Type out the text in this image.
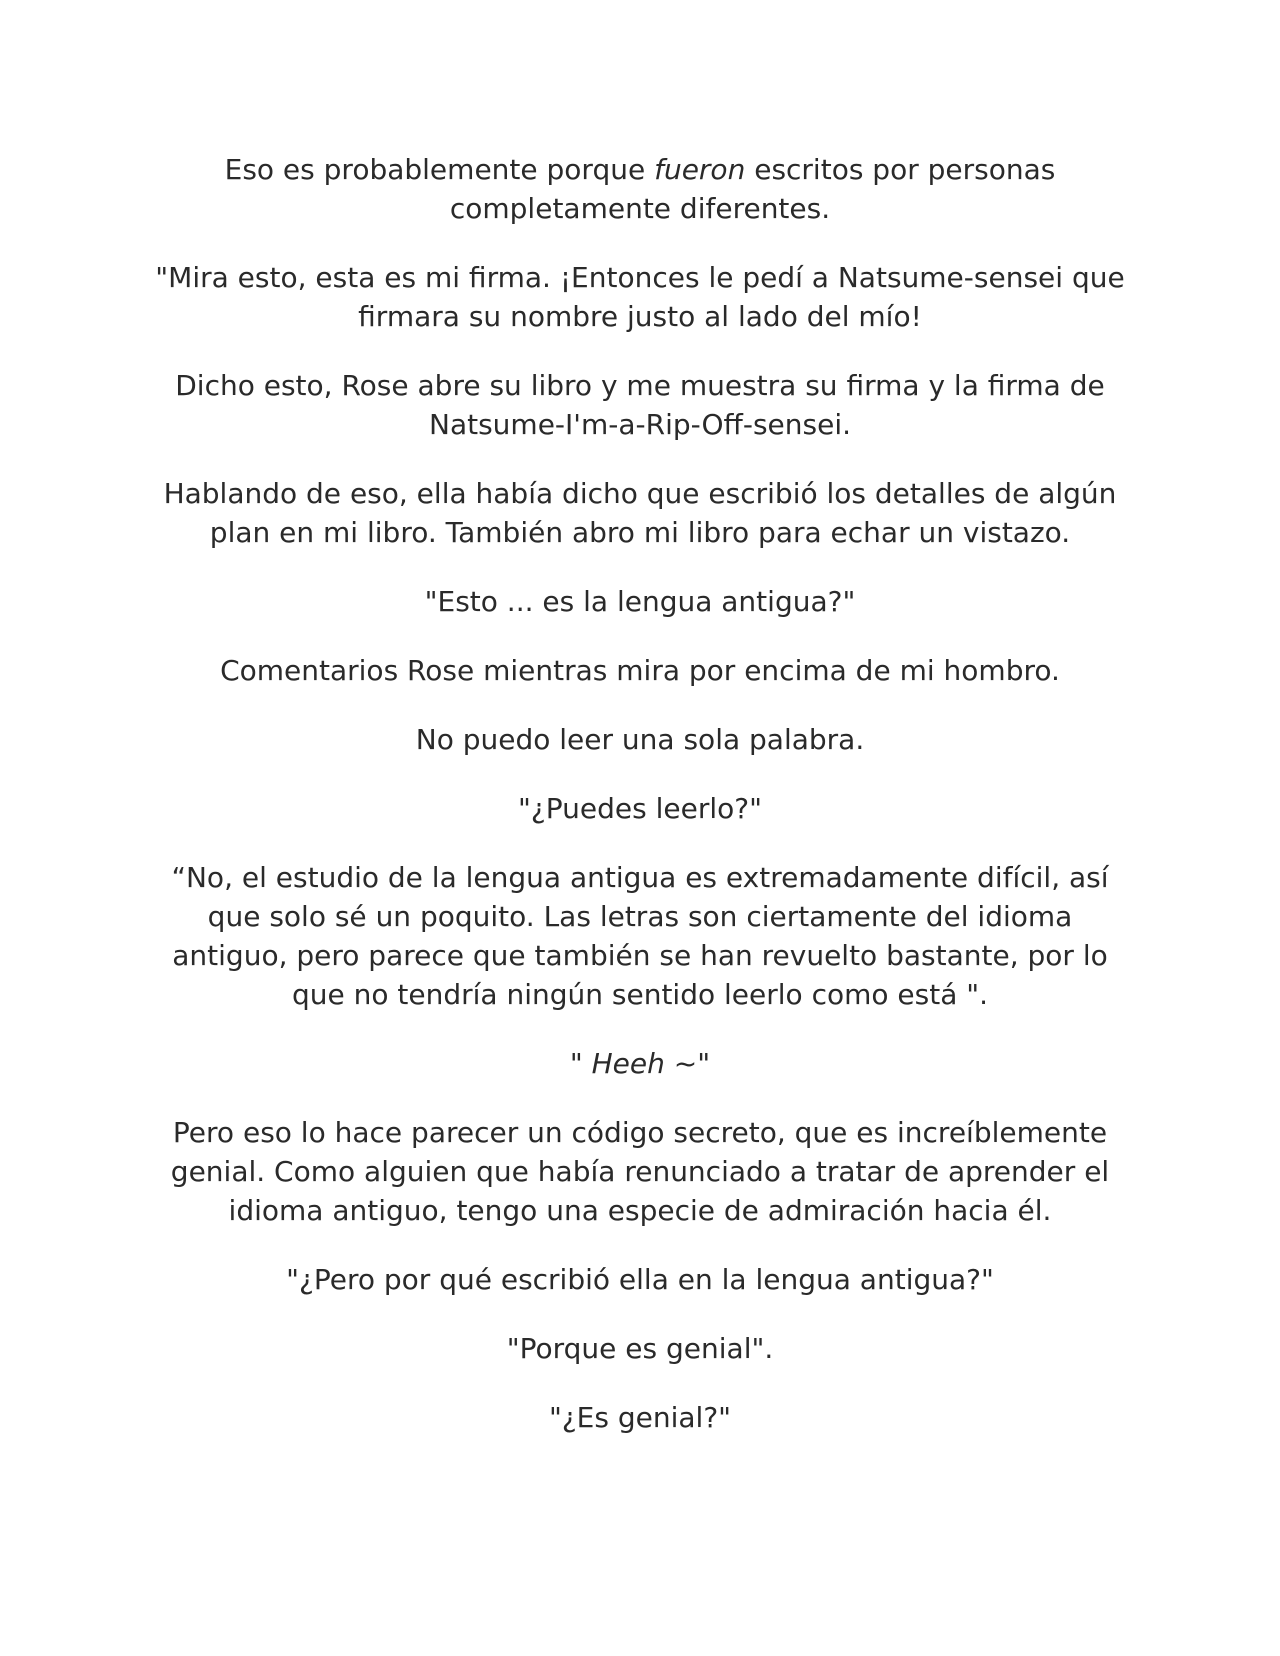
Eso es probablemente porque fueron escritos por personas completamente diferentes.

"Mira esto, esta es mi firma. ¡Entonces le pedí a Natsume-sensei que firmara su nombre justo al lado del mío!

Dicho esto, Rose abre su libro y me muestra su firma y la firma de Natsume-I'm-a-Rip-Off-sensei.

Hablando de eso, ella había dicho que escribió los detalles de algún plan en mi libro. También abro mi libro para echar un vistazo.

"Esto ... es la lengua antigua?"

Comentarios Rose mientras mira por encima de mi hombro.

No puedo leer una sola palabra.

"¿Puedes leerlo?"

“No, el estudio de la lengua antigua es extremadamente difícil, así que solo sé un poquito. Las letras son ciertamente del idioma antiguo, pero parece que también se han revuelto bastante, por lo que no tendría ningún sentido leerlo como está ".

" Heeh ~"

Pero eso lo hace parecer un código secreto, que es increíblemente genial. Como alguien que había renunciado a tratar de aprender el idioma antiguo, tengo una especie de admiración hacia él.

"¿Pero por qué escribió ella en la lengua antigua?"

"Porque es genial".

"¿Es genial?"
